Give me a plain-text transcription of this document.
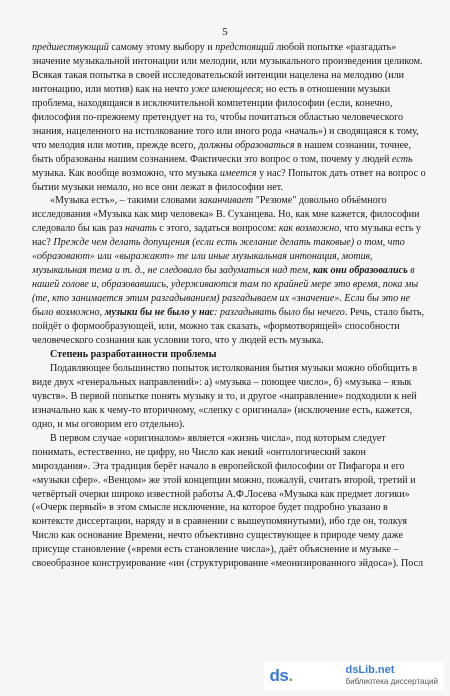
5

предшествующий самому этому выбору и предстоящий любой попытке «разгадать» значение музыкальной интонации или мелодии, или музыкального произведения целиком. Всякая такая попытка в своей исследовательской интенции нацелена на мелодию (или интонацию, или мотив) как на нечто уже имеющееся; но есть в отношении музыки проблема, находящаяся в исключительной компетенции философии (если, конечно, философия по-прежнему претендует на то, чтобы почитаться областью человеческого знания, нацеленного на истолкование того или иного рода «началь») и сводящаяся к тому, что мелодия или мотив, прежде всего, должны образоваться в нашем сознании, точнее, быть образованы нашим сознанием. Фактически это вопрос о том, почему у людей есть музыка. Как вообще возможно, что музыка имеется у нас? Попыток дать ответ на вопрос о бытии музыки немало, но все они лежат в философии нет.

«Музыка есть», – такими словами заканчивает "Резюме" довольно объёмного исследования «Музыка как мир человека» В. Суханцева. Но, как мне кажется, философии следовало бы как раз начать с этого, задаться вопросом: как возможно, что музыка есть у нас? Прежде чем делать допущения (если есть желание делать таковые) о том, что «образовают» или «выражают» те или иные музыкальная интонация, мотив, музыкальная тема и т. д., не следовало бы задуматься над тем, как они образовались в нашей голове и, образовавшись, удерживаются там по крайней мере это время, пока мы (те, кто занимается этим разгадыванием) разгадываем их «значение». Если бы это не было возможно, музыки бы не было у нас: разгадывать было бы нечего. Речь, стало быть, пойдёт о формообразующей, или, можно так сказать, «формотворящей» способности человеческого сознания как условии того, что у людей есть музыка.

Степень разработанности проблемы

Подавляющее большинство попыток истолкования бытия музыки можно обобщить в виде двух «генеральных направлений»: а) «музыка – поющее число», б) «музыка – язык чувств». В первой попытке понять музыку и то, и другое «направление» подходили к ней изначально как к чему-то вторичному, «слепку с оригинала» (исключение есть, кажется, одно, и мы оговорим его отдельно).

В первом случае «оригиналом» является «жизнь числа», под которым следует понимать, естественно, не цифру, но Число как некий «онтологический закон мироздания». Эта традиция берёт начало в европейской философии от Пифагора и его «музыки сфер». «Венцом» же этой концепции можно, пожалуй, считать второй, третий и четвёртый очерки широко известной работы А.Ф.Лосева «Музыка как предмет логики» («Очерк первый» в этом смысле исключение, на которое будет подробно указано в контексте диссертации, наряду и в сравнении с вышеупомянутыми), ибо где он, толкуя Число как основание Времени, нечто объективно существующее в природе чему даже присуще становление («время есть становление числа»), даёт объяснение и музыке – своеобразное конструирование «ин (структурирование «меонизированного эйдоса»). Посл

ds.	dsLib.net
библиотека диссертаций
